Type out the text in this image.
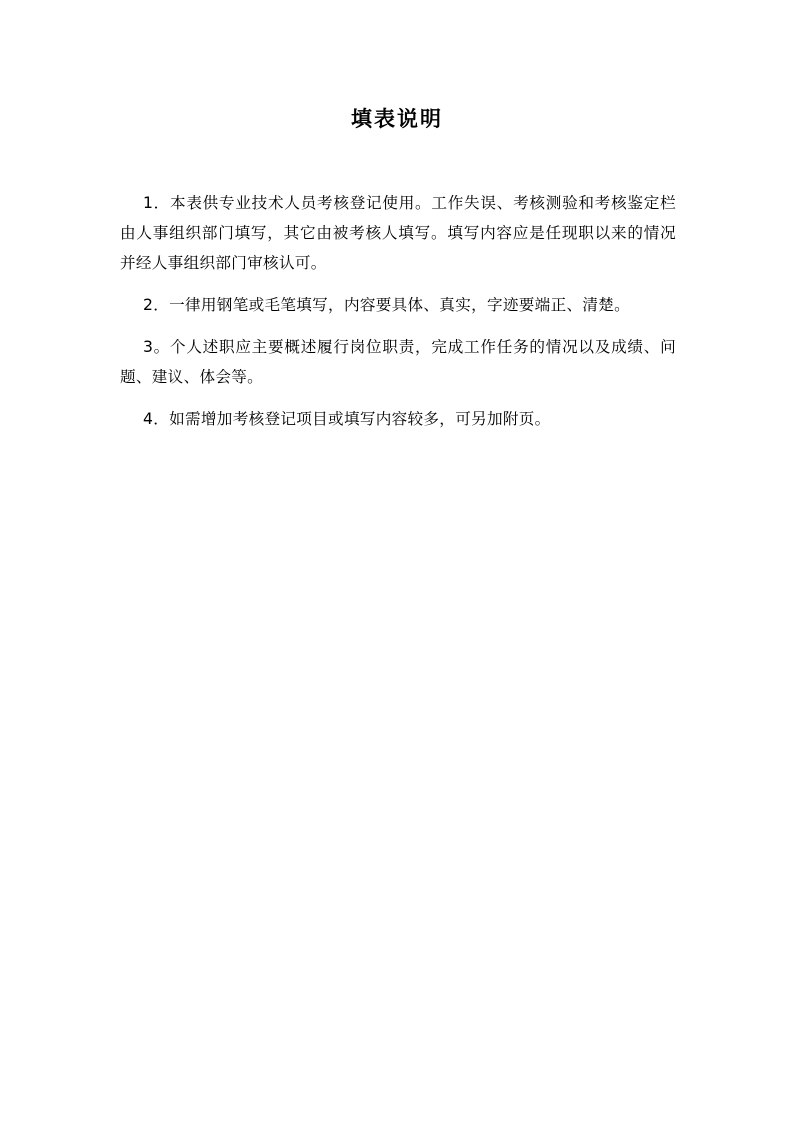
填表说明

1．本表供专业技术人员考核登记使用。工作失误、考核测验和考核鉴定栏由人事组织部门填写，其它由被考核人填写。填写内容应是任现职以来的情况并经人事组织部门审核认可。

2．一律用钢笔或毛笔填写，内容要具体、真实，字迹要端正、清楚。

3。个人述职应主要概述履行岗位职责，完成工作任务的情况以及成绩、问题、建议、体会等。

4．如需增加考核登记项目或填写内容较多，可另加附页。
